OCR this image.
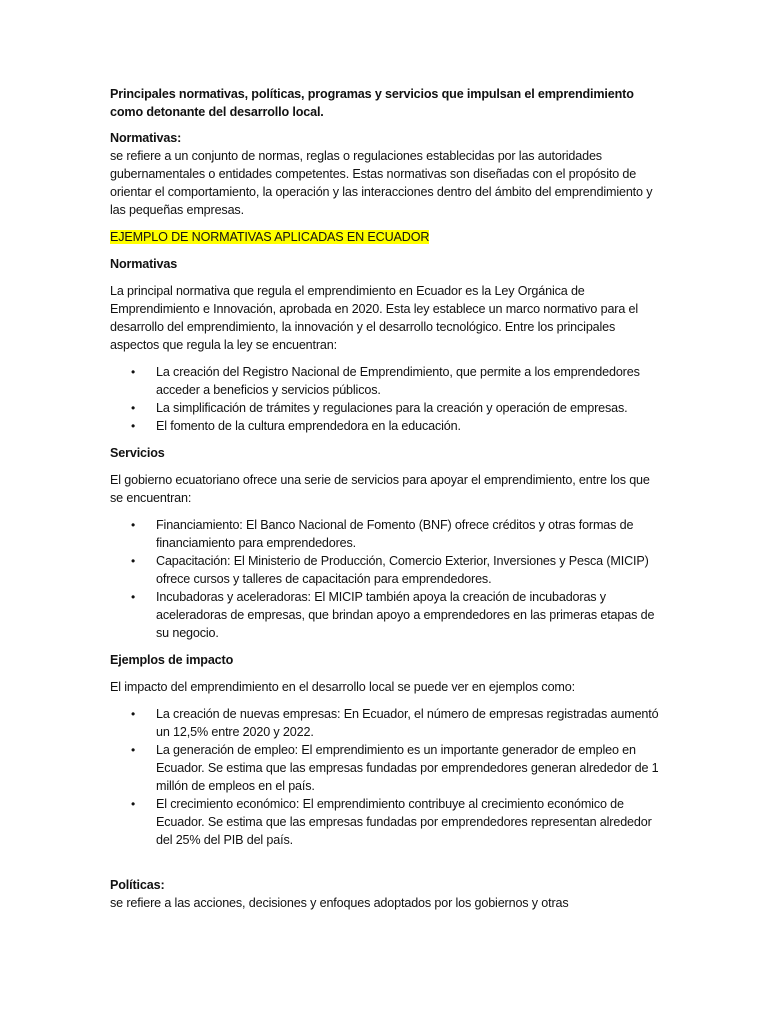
Principales normativas, políticas, programas y servicios que impulsan el emprendimiento como detonante del desarrollo local.

Normativas:
se refiere a un conjunto de normas, reglas o regulaciones establecidas por las autoridades gubernamentales o entidades competentes. Estas normativas son diseñadas con el propósito de orientar el comportamiento, la operación y las interacciones dentro del ámbito del emprendimiento y las pequeñas empresas.

EJEMPLO DE NORMATIVAS APLICADAS EN ECUADOR

Normativas

La principal normativa que regula el emprendimiento en Ecuador es la Ley Orgánica de Emprendimiento e Innovación, aprobada en 2020. Esta ley establece un marco normativo para el desarrollo del emprendimiento, la innovación y el desarrollo tecnológico. Entre los principales aspectos que regula la ley se encuentran:

• La creación del Registro Nacional de Emprendimiento, que permite a los emprendedores acceder a beneficios y servicios públicos.
• La simplificación de trámites y regulaciones para la creación y operación de empresas.
• El fomento de la cultura emprendedora en la educación.

Servicios

El gobierno ecuatoriano ofrece una serie de servicios para apoyar el emprendimiento, entre los que se encuentran:

• Financiamiento: El Banco Nacional de Fomento (BNF) ofrece créditos y otras formas de financiamiento para emprendedores.
• Capacitación: El Ministerio de Producción, Comercio Exterior, Inversiones y Pesca (MICIP) ofrece cursos y talleres de capacitación para emprendedores.
• Incubadoras y aceleradoras: El MICIP también apoya la creación de incubadoras y aceleradoras de empresas, que brindan apoyo a emprendedores en las primeras etapas de su negocio.

Ejemplos de impacto

El impacto del emprendimiento en el desarrollo local se puede ver en ejemplos como:

• La creación de nuevas empresas: En Ecuador, el número de empresas registradas aumentó un 12,5% entre 2020 y 2022.
• La generación de empleo: El emprendimiento es un importante generador de empleo en Ecuador. Se estima que las empresas fundadas por emprendedores generan alrededor de 1 millón de empleos en el país.
• El crecimiento económico: El emprendimiento contribuye al crecimiento económico de Ecuador. Se estima que las empresas fundadas por emprendedores representan alrededor del 25% del PIB del país.

Políticas:
se refiere a las acciones, decisiones y enfoques adoptados por los gobiernos y otras
